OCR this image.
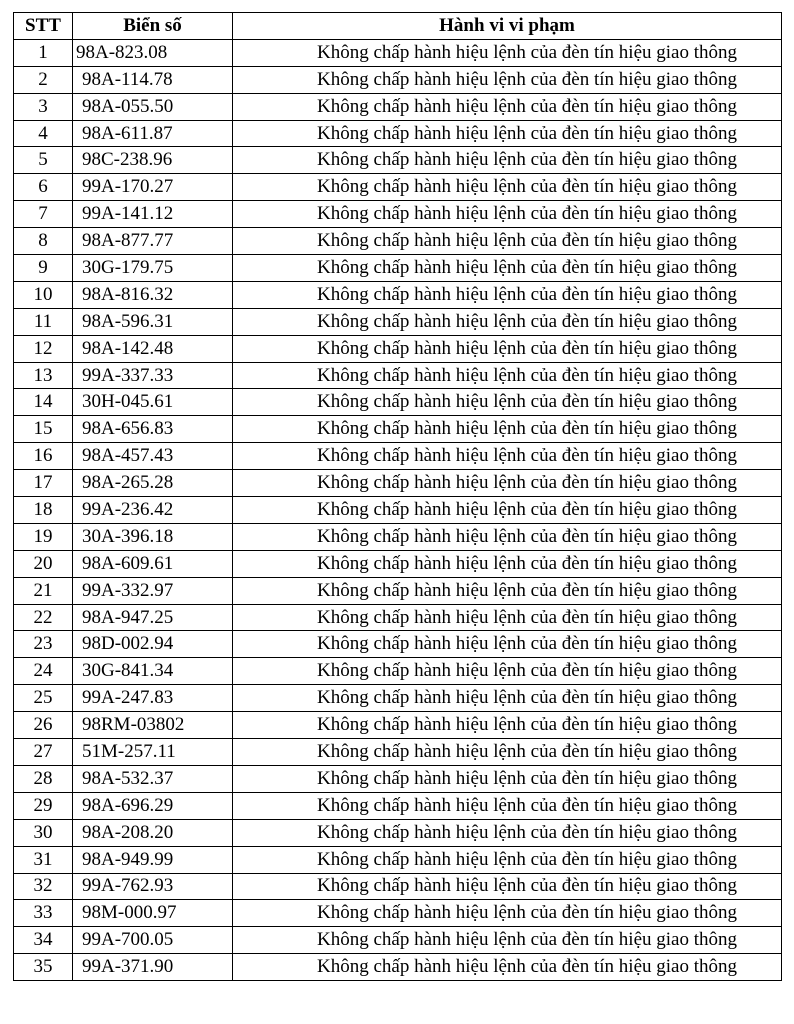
STT	Biển số	Hành vi vi phạm
1	98A-823.08	Không chấp hành hiệu lệnh của đèn tín hiệu giao thông
2	98A-114.78	Không chấp hành hiệu lệnh của đèn tín hiệu giao thông
3	98A-055.50	Không chấp hành hiệu lệnh của đèn tín hiệu giao thông
4	98A-611.87	Không chấp hành hiệu lệnh của đèn tín hiệu giao thông
5	98C-238.96	Không chấp hành hiệu lệnh của đèn tín hiệu giao thông
6	99A-170.27	Không chấp hành hiệu lệnh của đèn tín hiệu giao thông
7	99A-141.12	Không chấp hành hiệu lệnh của đèn tín hiệu giao thông
8	98A-877.77	Không chấp hành hiệu lệnh của đèn tín hiệu giao thông
9	30G-179.75	Không chấp hành hiệu lệnh của đèn tín hiệu giao thông
10	98A-816.32	Không chấp hành hiệu lệnh của đèn tín hiệu giao thông
11	98A-596.31	Không chấp hành hiệu lệnh của đèn tín hiệu giao thông
12	98A-142.48	Không chấp hành hiệu lệnh của đèn tín hiệu giao thông
13	99A-337.33	Không chấp hành hiệu lệnh của đèn tín hiệu giao thông
14	30H-045.61	Không chấp hành hiệu lệnh của đèn tín hiệu giao thông
15	98A-656.83	Không chấp hành hiệu lệnh của đèn tín hiệu giao thông
16	98A-457.43	Không chấp hành hiệu lệnh của đèn tín hiệu giao thông
17	98A-265.28	Không chấp hành hiệu lệnh của đèn tín hiệu giao thông
18	99A-236.42	Không chấp hành hiệu lệnh của đèn tín hiệu giao thông
19	30A-396.18	Không chấp hành hiệu lệnh của đèn tín hiệu giao thông
20	98A-609.61	Không chấp hành hiệu lệnh của đèn tín hiệu giao thông
21	99A-332.97	Không chấp hành hiệu lệnh của đèn tín hiệu giao thông
22	98A-947.25	Không chấp hành hiệu lệnh của đèn tín hiệu giao thông
23	98D-002.94	Không chấp hành hiệu lệnh của đèn tín hiệu giao thông
24	30G-841.34	Không chấp hành hiệu lệnh của đèn tín hiệu giao thông
25	99A-247.83	Không chấp hành hiệu lệnh của đèn tín hiệu giao thông
26	98RM-03802	Không chấp hành hiệu lệnh của đèn tín hiệu giao thông
27	51M-257.11	Không chấp hành hiệu lệnh của đèn tín hiệu giao thông
28	98A-532.37	Không chấp hành hiệu lệnh của đèn tín hiệu giao thông
29	98A-696.29	Không chấp hành hiệu lệnh của đèn tín hiệu giao thông
30	98A-208.20	Không chấp hành hiệu lệnh của đèn tín hiệu giao thông
31	98A-949.99	Không chấp hành hiệu lệnh của đèn tín hiệu giao thông
32	99A-762.93	Không chấp hành hiệu lệnh của đèn tín hiệu giao thông
33	98M-000.97	Không chấp hành hiệu lệnh của đèn tín hiệu giao thông
34	99A-700.05	Không chấp hành hiệu lệnh của đèn tín hiệu giao thông
35	99A-371.90	Không chấp hành hiệu lệnh của đèn tín hiệu giao thông
